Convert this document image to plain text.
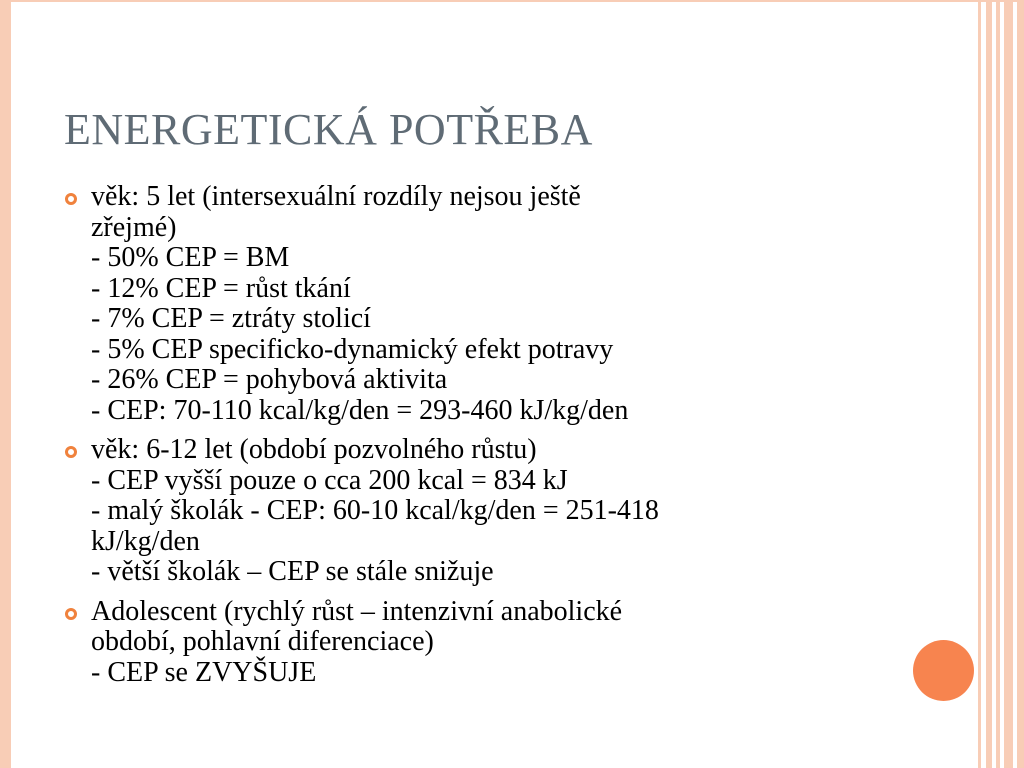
ENERGETICKÁ POTŘEBA
věk: 5 let (intersexuální rozdíly nejsou ještě
zřejmé)
- 50% CEP = BM
- 12% CEP = růst tkání
- 7% CEP = ztráty stolicí
- 5% CEP specificko-dynamický efekt potravy
- 26% CEP = pohybová aktivita
- CEP: 70-110 kcal/kg/den = 293-460 kJ/kg/den
věk: 6-12 let (období pozvolného růstu)
- CEP vyšší pouze o cca 200 kcal = 834 kJ
- malý školák - CEP: 60-10 kcal/kg/den = 251-418
kJ/kg/den
- větší školák – CEP se stále snižuje
Adolescent (rychlý růst – intenzivní anabolické
období, pohlavní diferenciace)
- CEP se ZVYŠUJE
